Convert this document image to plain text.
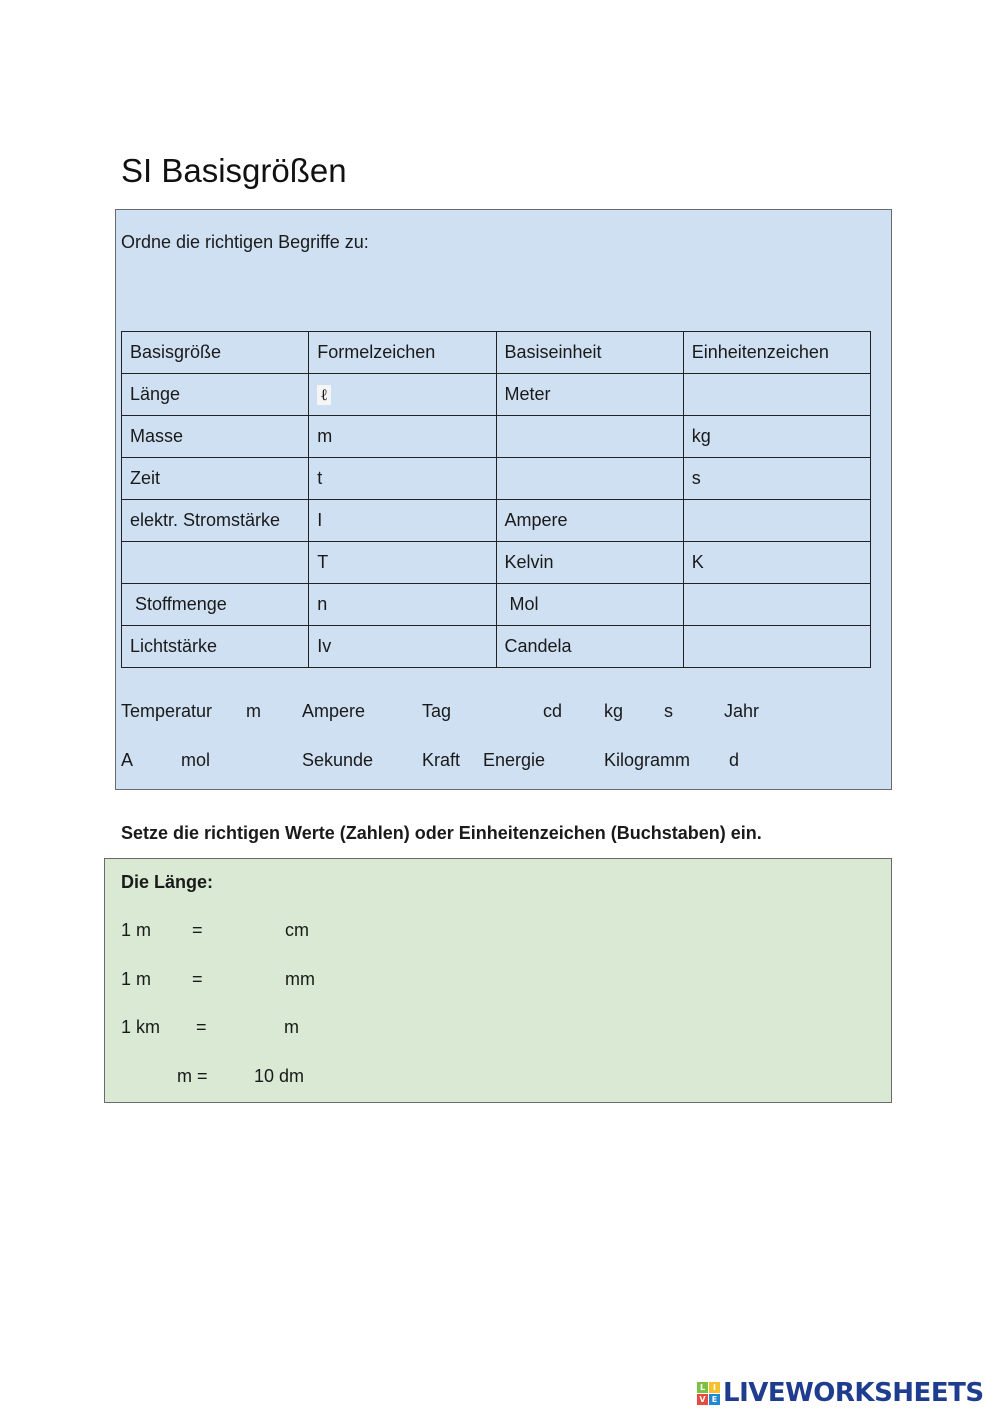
SI Basisgrößen
Ordne die richtigen Begriffe zu:
Basisgröße	Formelzeichen	Basiseinheit	Einheitenzeichen
Länge	ℓ	Meter	
Masse	m		kg
Zeit	t		s
elektr. Stromstärke	I	Ampere	
	T	Kelvin	K
Stoffmenge	n	Mol	
Lichtstärke	Iv	Candela	
Temperatur m Ampere	Tag	cd kg s	Jahr
A	mol	Sekunde	Kraft Energie	Kilogramm d
Setze die richtigen Werte (Zahlen) oder Einheitenzeichen (Buchstaben) ein.
Die Länge:
1 m =	cm
1 m =	mm
1 km =	m
m =	10 dm
L I
V E LIVEWORKSHEETS
